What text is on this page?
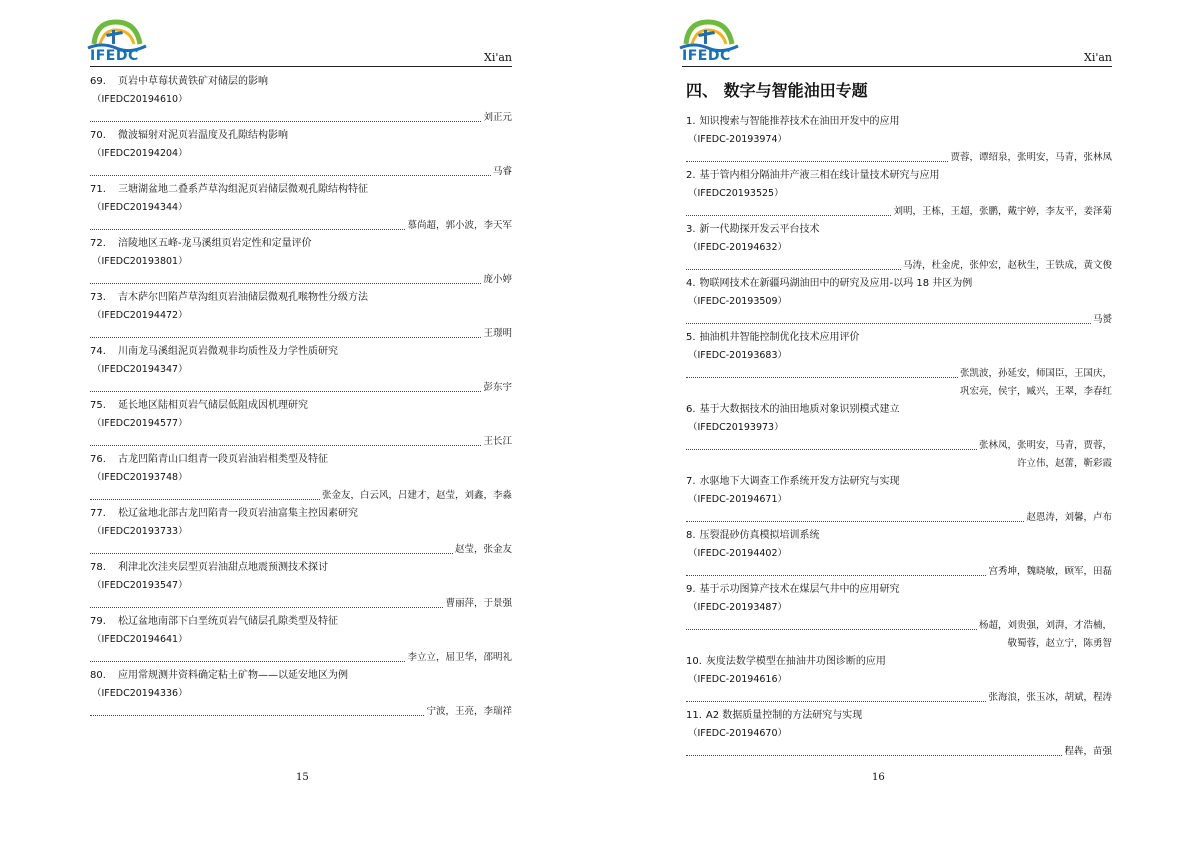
IFEDC	Xi'an
69. 页岩中草莓状黄铁矿对储层的影响
（IFEDC20194610）
刘正元
70. 微波辐射对泥页岩温度及孔隙结构影响
（IFEDC20194204）
马睿
71. 三塘湖盆地二叠系芦草沟组泥页岩储层微观孔隙结构特征
（IFEDC20194344）
慕尚超，郭小波，李天军
72. 涪陵地区五峰-龙马溪组页岩定性和定量评价
（IFEDC20193801）
庞小婷
73. 吉木萨尔凹陷芦草沟组页岩油储层微观孔喉物性分级方法
（IFEDC20194472）
王璟明
74. 川南龙马溪组泥页岩微观非均质性及力学性质研究
（IFEDC20194347）
彭东宇
75. 延长地区陆相页岩气储层低阻成因机理研究
（IFEDC20194577）
王长江
76. 古龙凹陷青山口组青一段页岩油岩相类型及特征
（IFEDC20193748）
张金友，白云风，吕建才，赵莹，刘鑫，李淼
77. 松辽盆地北部古龙凹陷青一段页岩油富集主控因素研究
（IFEDC20193733）
赵莹，张金友
78. 利津北次洼夹层型页岩油甜点地震预测技术探讨
（IFEDC20193547）
曹丽萍，于景强
79. 松辽盆地南部下白垩统页岩气储层孔隙类型及特征
（IFEDC20194641）
李立立，屈卫华，邵明礼
80. 应用常规测井资料确定粘土矿物——以延安地区为例
（IFEDC20194336）
宁波，王亮，李瑞祥
15
IFEDC	Xi'an
四、 数字与智能油田专题
1. 知识搜索与智能推荐技术在油田开发中的应用
（IFEDC-20193974）
贾蓉，谭绍泉，张明安，马青，张林凤
2. 基于管内相分隔油井产液三相在线计量技术研究与应用
（IFEDC20193525）
刘明，王栋，王超，张鹏，戴宇婷，李友平，姜泽菊
3. 新一代勘探开发云平台技术
（IFEDC-20194632）
马涛，杜金虎，张仲宏，赵秋生，王铁成，黄文俊
4. 物联网技术在新疆玛湖油田中的研究及应用-以玛 18 井区为例
（IFEDC-20193509）
马赟
5. 抽油机井智能控制优化技术应用评价
（IFEDC-20193683）
张凯波，孙延安，师国臣，王国庆，
巩宏亮，侯宇，臧兴，王翠，李春红
6. 基于大数据技术的油田地质对象识别模式建立
（IFEDC20193973）
张林凤，张明安，马青，贾蓉，
许立伟，赵蕾，靳彩霞
7. 水驱地下大调查工作系统开发方法研究与实现
（IFEDC-20194671）
赵恩涛，刘馨，卢布
8. 压裂混砂仿真模拟培训系统
（IFEDC-20194402）
宫秀坤，魏晓敏，顾军，田磊
9. 基于示功图算产技术在煤层气井中的应用研究
（IFEDC-20193487）
杨超，刘贵强，刘湃，才浩楠，
敬蜀蓉，赵立宁，陈勇智
10. 灰度法数学模型在抽油井功图诊断的应用
（IFEDC-20194616）
张海浪，张玉冰，胡斌，程涛
11. A2 数据质量控制的方法研究与实现
（IFEDC-20194670）
程犇，苗强
16
